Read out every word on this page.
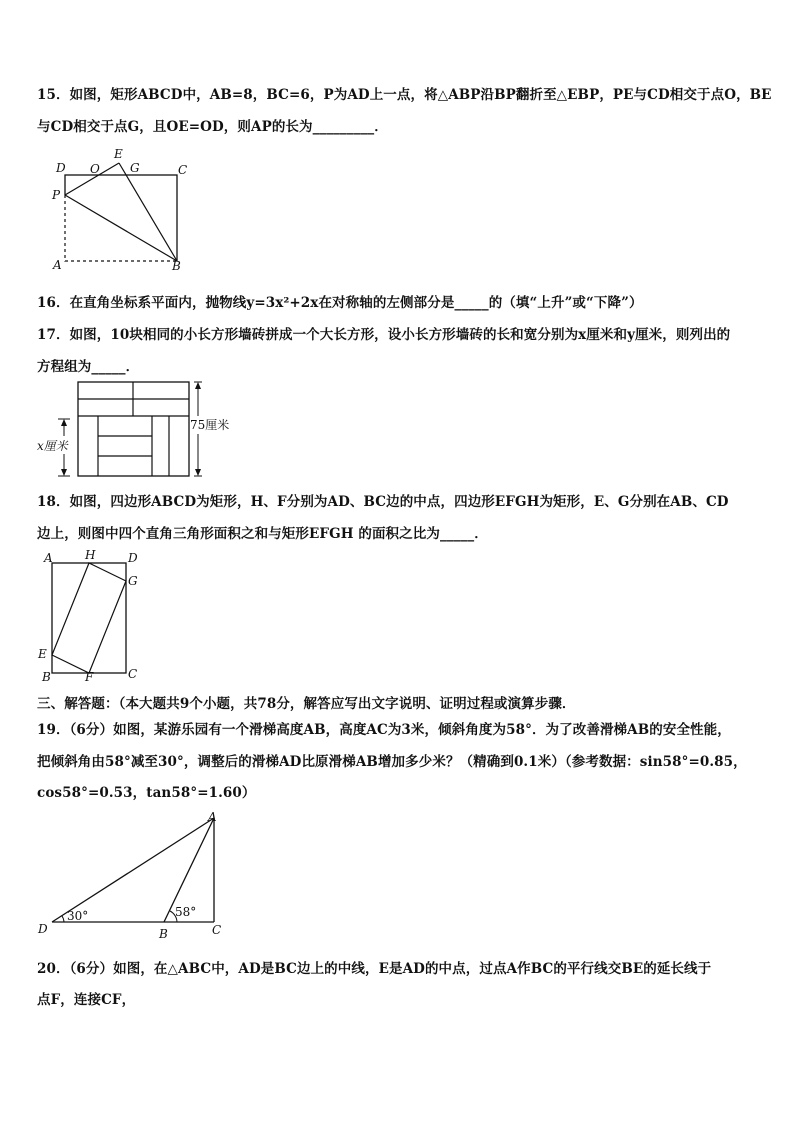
15．如图，矩形ABCD中，AB=8，BC=6，P为AD上一点，将△ABP沿BP翻折至△EBP，PE与CD相交于点O，BE
与CD相交于点G，且OE=OD，则AP的长为_________．
D O
E
G	C
P
A	B
16．在直角坐标系平面内，抛物线y=3x²+2x在对称轴的左侧部分是_____的（填“上升”或“下降”）
17．如图，10块相同的小长方形墙砖拼成一个大长方形，设小长方形墙砖的长和宽分别为x厘米和y厘米，则列出的
方程组为_____．
75厘米
x厘米
18．如图，四边形ABCD为矩形，H、F分别为AD、BC边的中点，四边形EFGH为矩形，E、G分别在AB、CD
边上，则图中四个直角三角形面积之和与矩形EFGH 的面积之比为_____．
A	H	D
G
E
B	F	C
三、解答题：（本大题共9个小题，共78分，解答应写出文字说明、证明过程或演算步骤．
19．（6分）如图，某游乐园有一个滑梯高度AB，高度AC为3米，倾斜角度为58°．为了改善滑梯AB的安全性能，
把倾斜角由58°减至30°，调整后的滑梯AD比原滑梯AB增加多少米？（精确到0.1米）（参考数据：sin58°=0.85，
cos58°=0.53，tan58°=1.60）
A
D	B	C
30°	58°
20．（6分）如图，在△ABC中，AD是BC边上的中线，E是AD的中点，过点A作BC的平行线交BE的延长线于
点F，连接CF，
